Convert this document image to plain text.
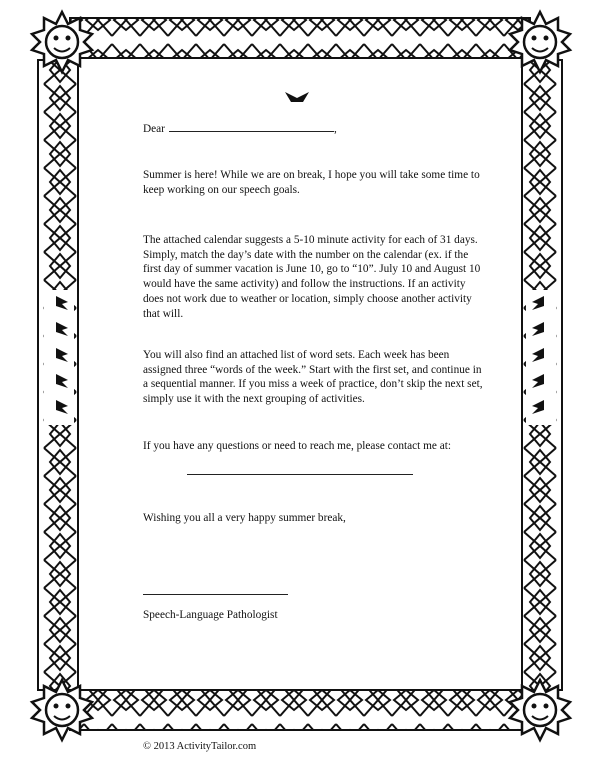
Dear	,

Summer is here! While we are on break, I hope you will take some time to keep working on our speech goals.

The attached calendar suggests a 5-10 minute activity for each of 31 days. Simply, match the day’s date with the number on the calendar (ex. if the first day of summer vacation is June 10, go to “10”. July 10 and August 10 would have the same activity) and follow the instructions. If an activity does not work due to weather or location, simply choose another activity that will.

You will also find an attached list of word sets. Each week has been assigned three “words of the week.” Start with the first set, and continue in a sequential manner. If you miss a week of practice, don’t skip the next set, simply use it with the next grouping of activities.

If you have any questions or need to reach me, please contact me at:

Wishing you all a very happy summer break,

Speech-Language Pathologist

© 2013 ActivityTailor.com
